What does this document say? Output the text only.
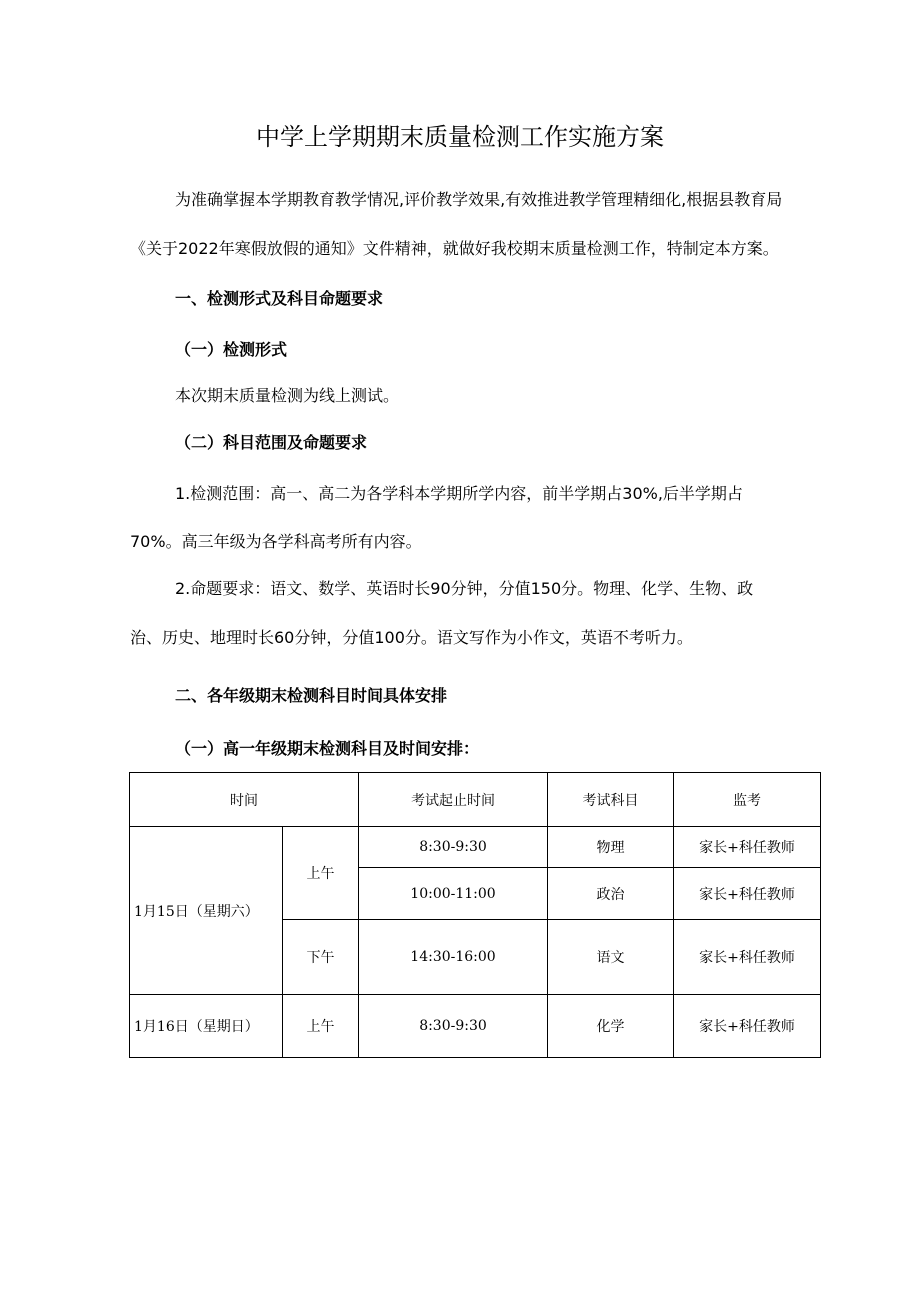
中学上学期期末质量检测工作实施方案
为准确掌握本学期教育教学情况,评价教学效果,有效推进教学管理精细化,根据县教育局
《关于2022年寒假放假的通知》文件精神，就做好我校期末质量检测工作，特制定本方案。
一、检测形式及科目命题要求
（一）检测形式
本次期末质量检测为线上测试。
（二）科目范围及命题要求
1.检测范围：高一、高二为各学科本学期所学内容，前半学期占30%,后半学期占
70%。高三年级为各学科高考所有内容。
2.命题要求：语文、数学、英语时长90分钟，分值150分。物理、化学、生物、政
治、历史、地理时长60分钟，分值100分。语文写作为小作文，英语不考听力。
二、各年级期末检测科目时间具体安排
（一）高一年级期末检测科目及时间安排：
时间		考试起止时间	考试科目	监考
1月15日（星期六）	上午	8:30-9:30	物理	家长+科任教师
		10:00-11:00	政治	家长+科任教师
	下午	14:30-16:00	语文	家长+科任教师
1月16日（星期日）	上午	8:30-9:30	化学	家长+科任教师
